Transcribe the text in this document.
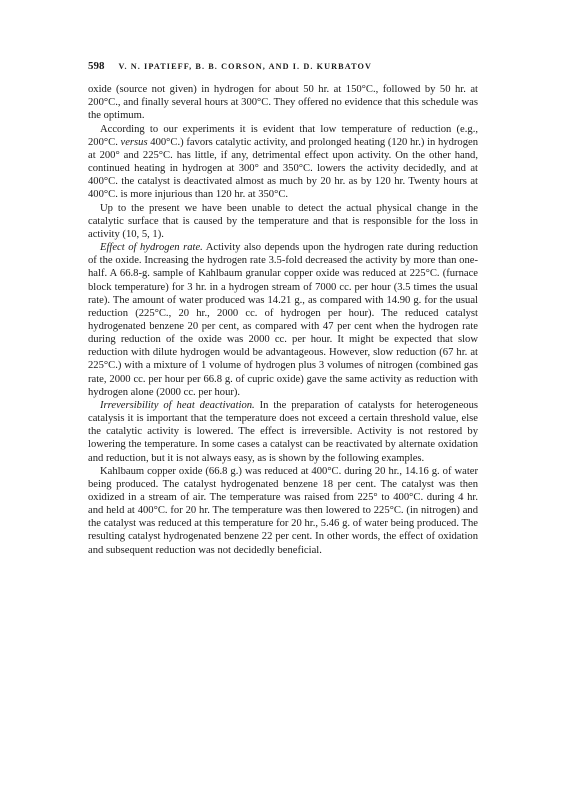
598 V. N. IPATIEFF, B. B. CORSON, AND I. D. KURBATOV

oxide (source not given) in hydrogen for about 50 hr. at 150°C., followed by 50 hr. at 200°C., and finally several hours at 300°C. They offered no evidence that this schedule was the optimum.

According to our experiments it is evident that low temperature of reduction (e.g., 200°C. versus 400°C.) favors catalytic activity, and prolonged heating (120 hr.) in hydrogen at 200° and 225°C. has little, if any, detrimental effect upon activity. On the other hand, continued heating in hydrogen at 300° and 350°C. lowers the activity decidedly, and at 400°C. the catalyst is deactivated almost as much by 20 hr. as by 120 hr. Twenty hours at 400°C. is more injurious than 120 hr. at 350°C.

Up to the present we have been unable to detect the actual physical change in the catalytic surface that is caused by the temperature and that is responsible for the loss in activity (10, 5, 1).

Effect of hydrogen rate. Activity also depends upon the hydrogen rate during reduction of the oxide. Increasing the hydrogen rate 3.5-fold decreased the activity by more than one-half. A 66.8-g. sample of Kahlbaum granular copper oxide was reduced at 225°C. (furnace block temperature) for 3 hr. in a hydrogen stream of 7000 cc. per hour (3.5 times the usual rate). The amount of water produced was 14.21 g., as compared with 14.90 g. for the usual reduction (225°C., 20 hr., 2000 cc. of hydrogen per hour). The reduced catalyst hydrogenated benzene 20 per cent, as compared with 47 per cent when the hydrogen rate during reduction of the oxide was 2000 cc. per hour. It might be expected that slow reduction with dilute hydrogen would be advantageous. However, slow reduction (67 hr. at 225°C.) with a mixture of 1 volume of hydrogen plus 3 volumes of nitrogen (combined gas rate, 2000 cc. per hour per 66.8 g. of cupric oxide) gave the same activity as reduction with hydrogen alone (2000 cc. per hour).

Irreversibility of heat deactivation. In the preparation of catalysts for heterogeneous catalysis it is important that the temperature does not exceed a certain threshold value, else the catalytic activity is lowered. The effect is irreversible. Activity is not restored by lowering the temperature. In some cases a catalyst can be reactivated by alternate oxidation and reduction, but it is not always easy, as is shown by the following examples.

Kahlbaum copper oxide (66.8 g.) was reduced at 400°C. during 20 hr., 14.16 g. of water being produced. The catalyst hydrogenated benzene 18 per cent. The catalyst was then oxidized in a stream of air. The temperature was raised from 225° to 400°C. during 4 hr. and held at 400°C. for 20 hr. The temperature was then lowered to 225°C. (in nitrogen) and the catalyst was reduced at this temperature for 20 hr., 5.46 g. of water being produced. The resulting catalyst hydrogenated benzene 22 per cent. In other words, the effect of oxidation and subsequent reduction was not decidedly beneficial.
